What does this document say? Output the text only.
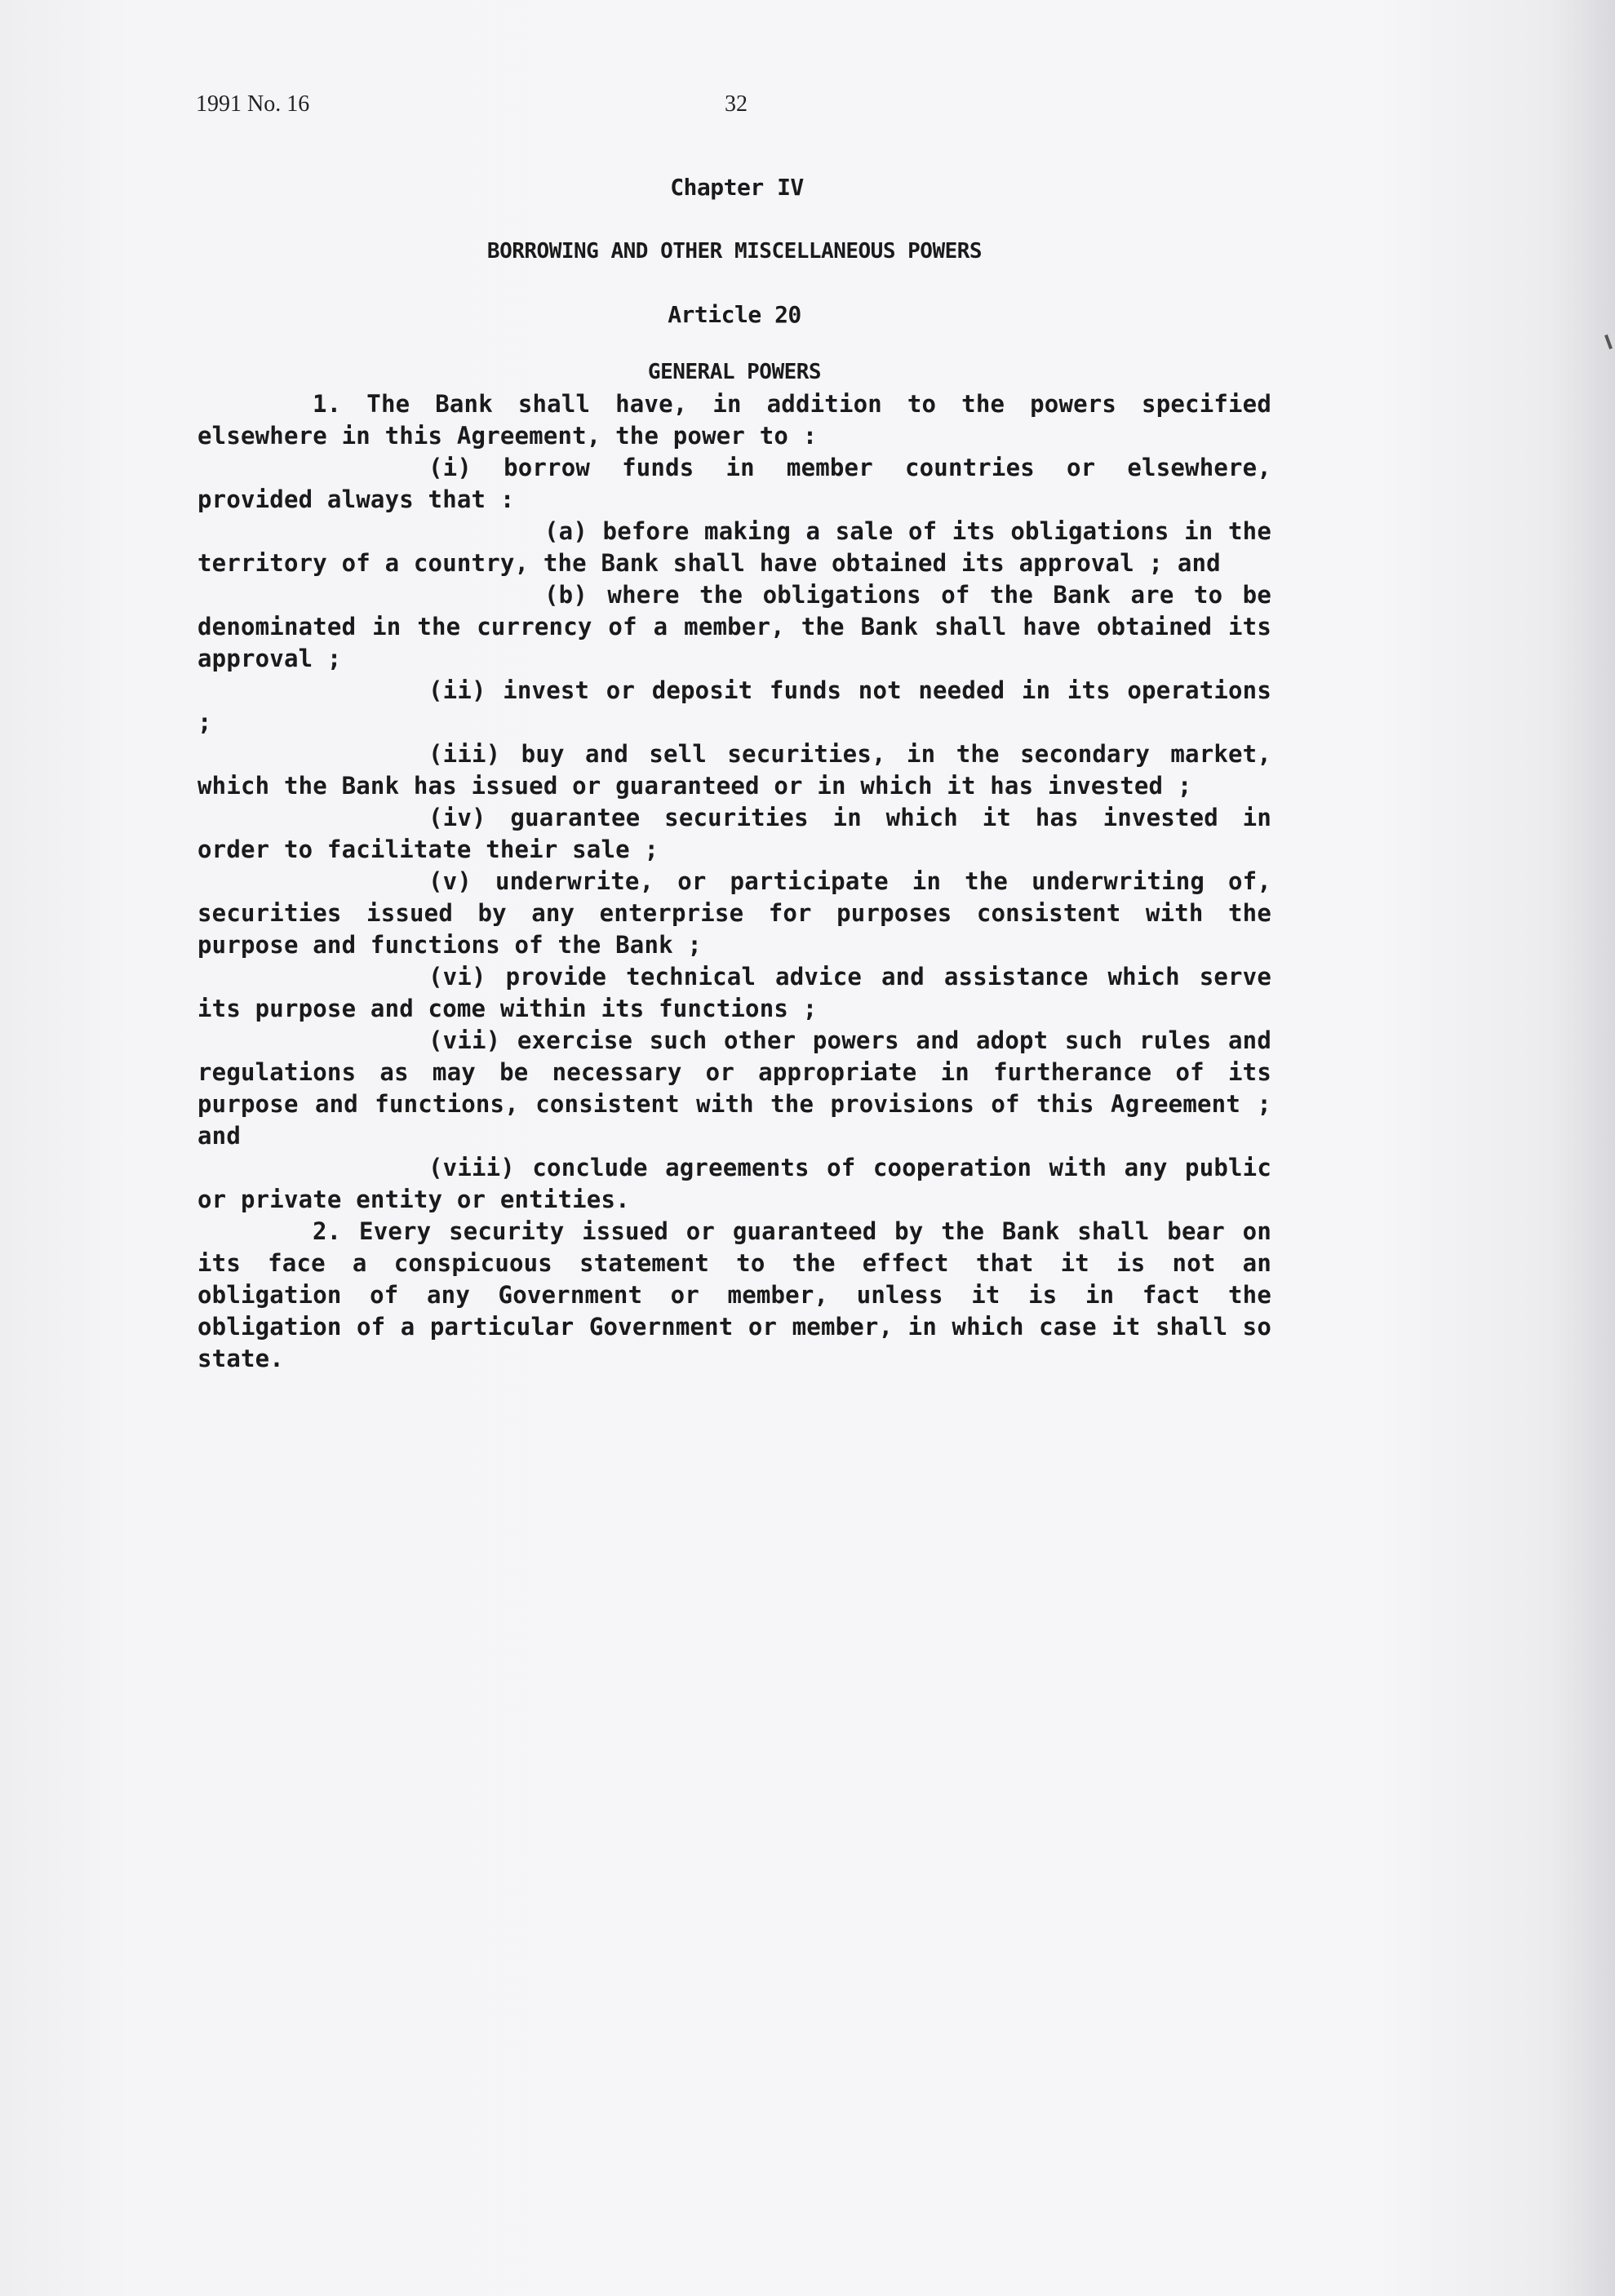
1991 No. 16	32
Chapter IV
BORROWING AND OTHER MISCELLANEOUS POWERS
Article 20
GENERAL POWERS

1. The Bank shall have, in addition to the powers specified elsewhere in this Agreement, the power to :

(i) borrow funds in member countries or elsewhere, provided always that :

(a) before making a sale of its obligations in the territory of a country, the Bank shall have obtained its approval ; and

(b) where the obligations of the Bank are to be denominated in the currency of a member, the Bank shall have obtained its approval ;

(ii) invest or deposit funds not needed in its operations ;

(iii) buy and sell securities, in the secondary market, which the Bank has issued or guaranteed or in which it has invested ;

(iv) guarantee securities in which it has invested in order to facilitate their sale ;

(v) underwrite, or participate in the underwriting of, securities issued by any enterprise for purposes consistent with the purpose and functions of the Bank ;

(vi) provide technical advice and assistance which serve its purpose and come within its functions ;

(vii) exercise such other powers and adopt such rules and regulations as may be necessary or appropriate in furtherance of its purpose and functions, consistent with the provisions of this Agreement ; and

(viii) conclude agreements of cooperation with any public or private entity or entities.

2. Every security issued or guaranteed by the Bank shall bear on its face a conspicuous statement to the effect that it is not an obligation of any Government or member, unless it is in fact the obligation of a particular Government or member, in which case it shall so state.
